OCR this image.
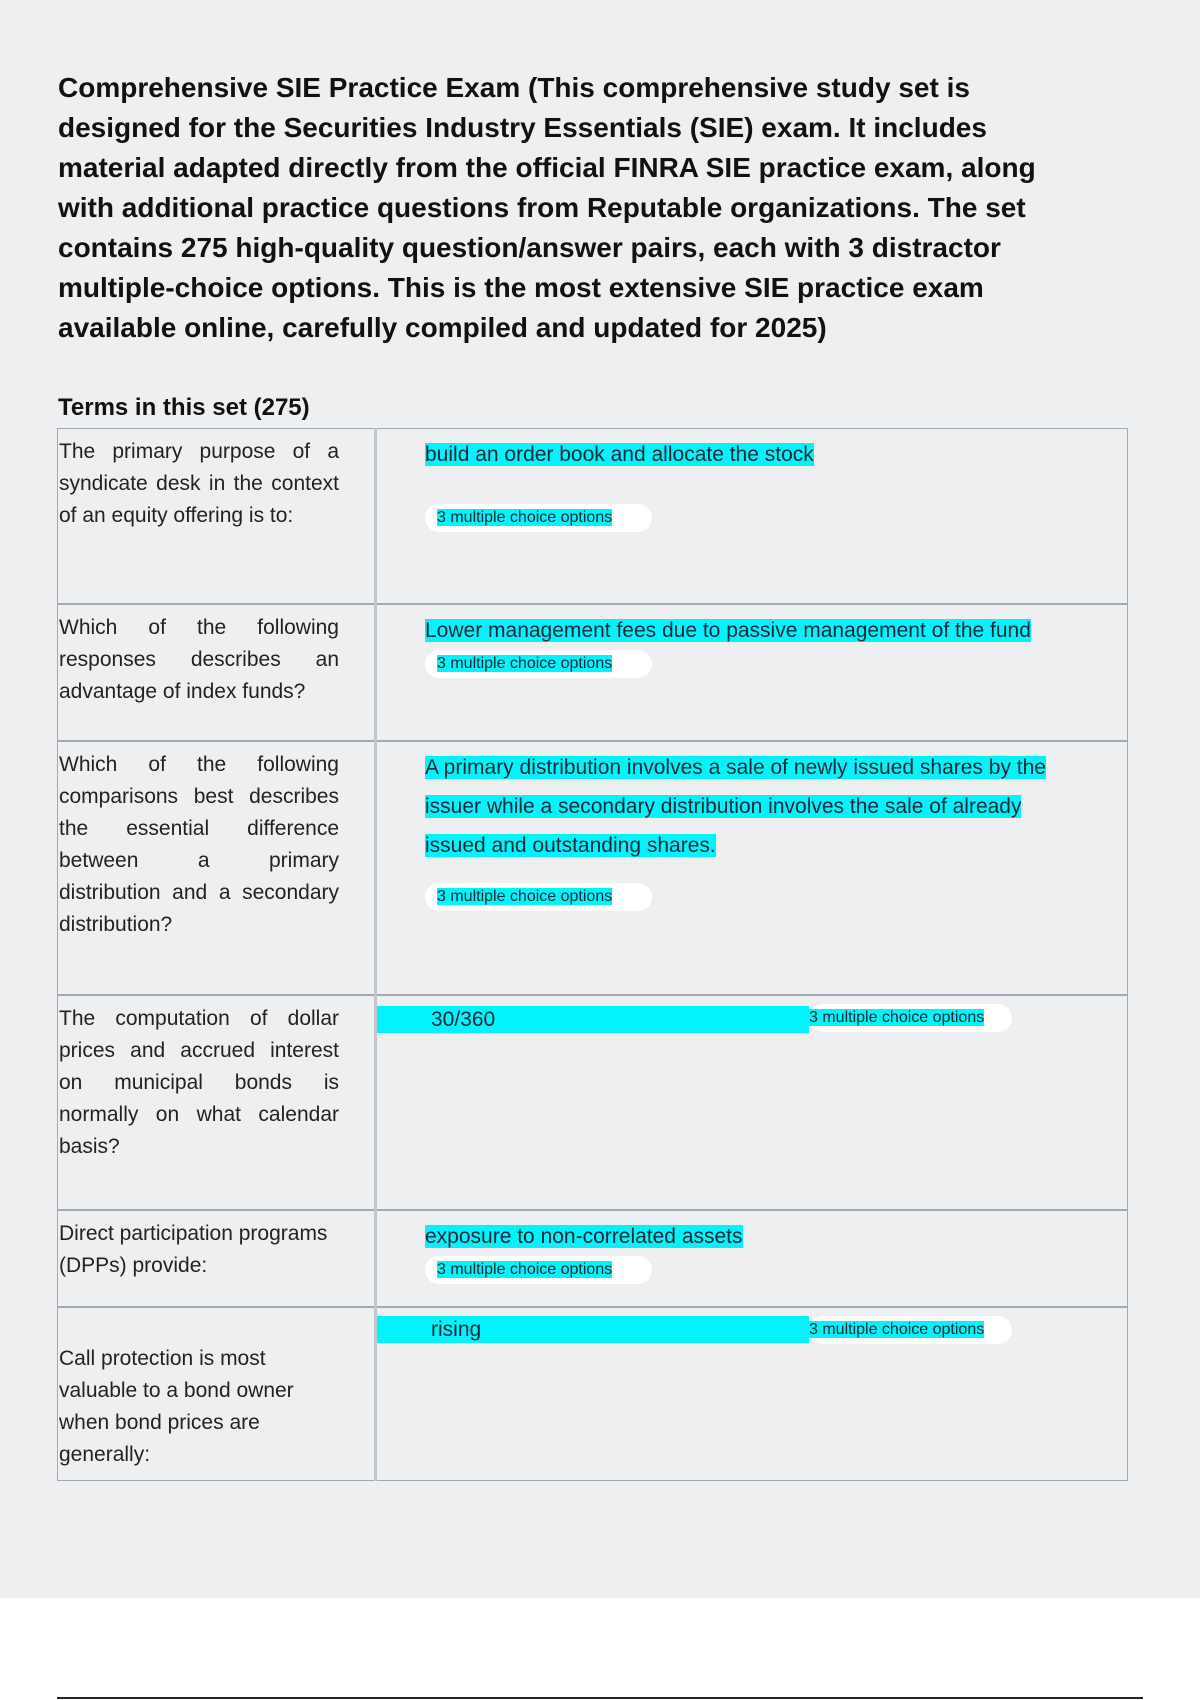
Comprehensive SIE Practice Exam (This comprehensive study set is designed for the Securities Industry Essentials (SIE) exam. It includes material adapted directly from the official FINRA SIE practice exam, along with additional practice questions from Reputable organizations. The set contains 275 high-quality question/answer pairs, each with 3 distractor multiple-choice options. This is the most extensive SIE practice exam available online, carefully compiled and updated for 2025)
Terms in this set (275)
The primary purpose of a syndicate desk in the context of an equity offering is to:	build an order book and allocate the stock
3 multiple choice options

Which of the following responses describes an advantage of index funds?	Lower management fees due to passive management of the fund
3 multiple choice options

Which of the following comparisons best describes the essential difference between a primary distribution and a secondary distribution?	A primary distribution involves a sale of newly issued shares by the issuer while a secondary distribution involves the sale of already issued and outstanding shares.
3 multiple choice options

The computation of dollar prices and accrued interest on municipal bonds is normally on what calendar basis?	30/360 3 multiple choice options

Direct participation programs (DPPs) provide:	exposure to non-correlated assets
3 multiple choice options

Call protection is most valuable to a bond owner when bond prices are generally:	rising 3 multiple choice options
